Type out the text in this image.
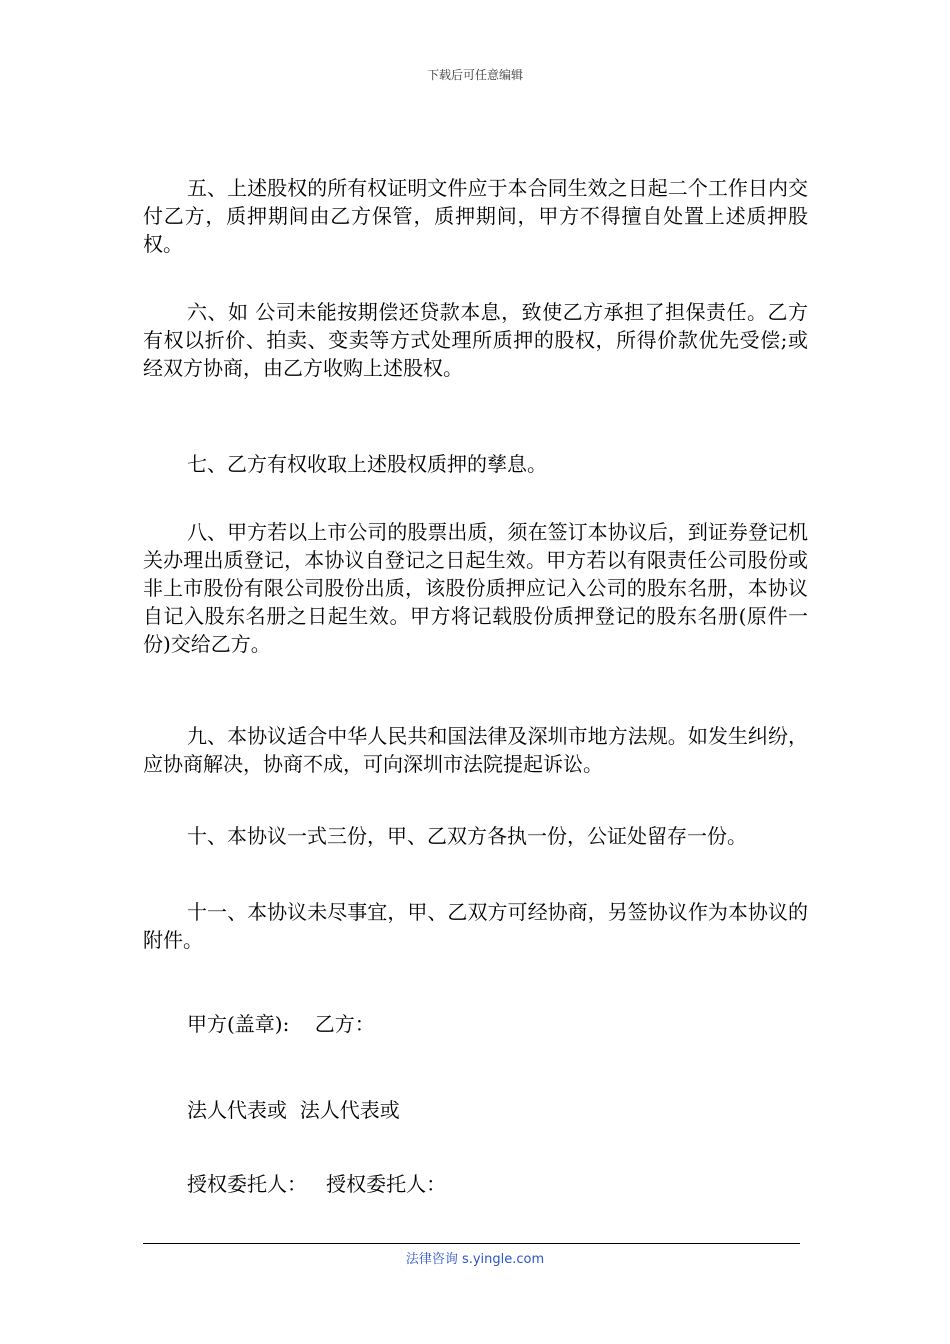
下载后可任意编辑

五、上述股权的所有权证明文件应于本合同生效之日起二个工作日内交付乙方，质押期间由乙方保管，质押期间，甲方不得擅自处置上述质押股权。

六、如 公司未能按期偿还贷款本息，致使乙方承担了担保责任。乙方有权以折价、拍卖、变卖等方式处理所质押的股权，所得价款优先受偿;或经双方协商，由乙方收购上述股权。

七、乙方有权收取上述股权质押的孳息。

八、甲方若以上市公司的股票出质，须在签订本协议后，到证券登记机关办理出质登记，本协议自登记之日起生效。甲方若以有限责任公司股份或非上市股份有限公司股份出质，该股份质押应记入公司的股东名册，本协议自记入股东名册之日起生效。甲方将记载股份质押登记的股东名册(原件一份)交给乙方。

九、本协议适合中华人民共和国法律及深圳市地方法规。如发生纠纷，应协商解决，协商不成，可向深圳市法院提起诉讼。

十、本协议一式三份，甲、乙双方各执一份，公证处留存一份。

十一、本协议未尽事宜，甲、乙双方可经协商，另签协议作为本协议的附件。

甲方(盖章):    乙方：

法人代表或  法人代表或

授权委托人：   授权委托人：

法律咨询 s.yingle.com
